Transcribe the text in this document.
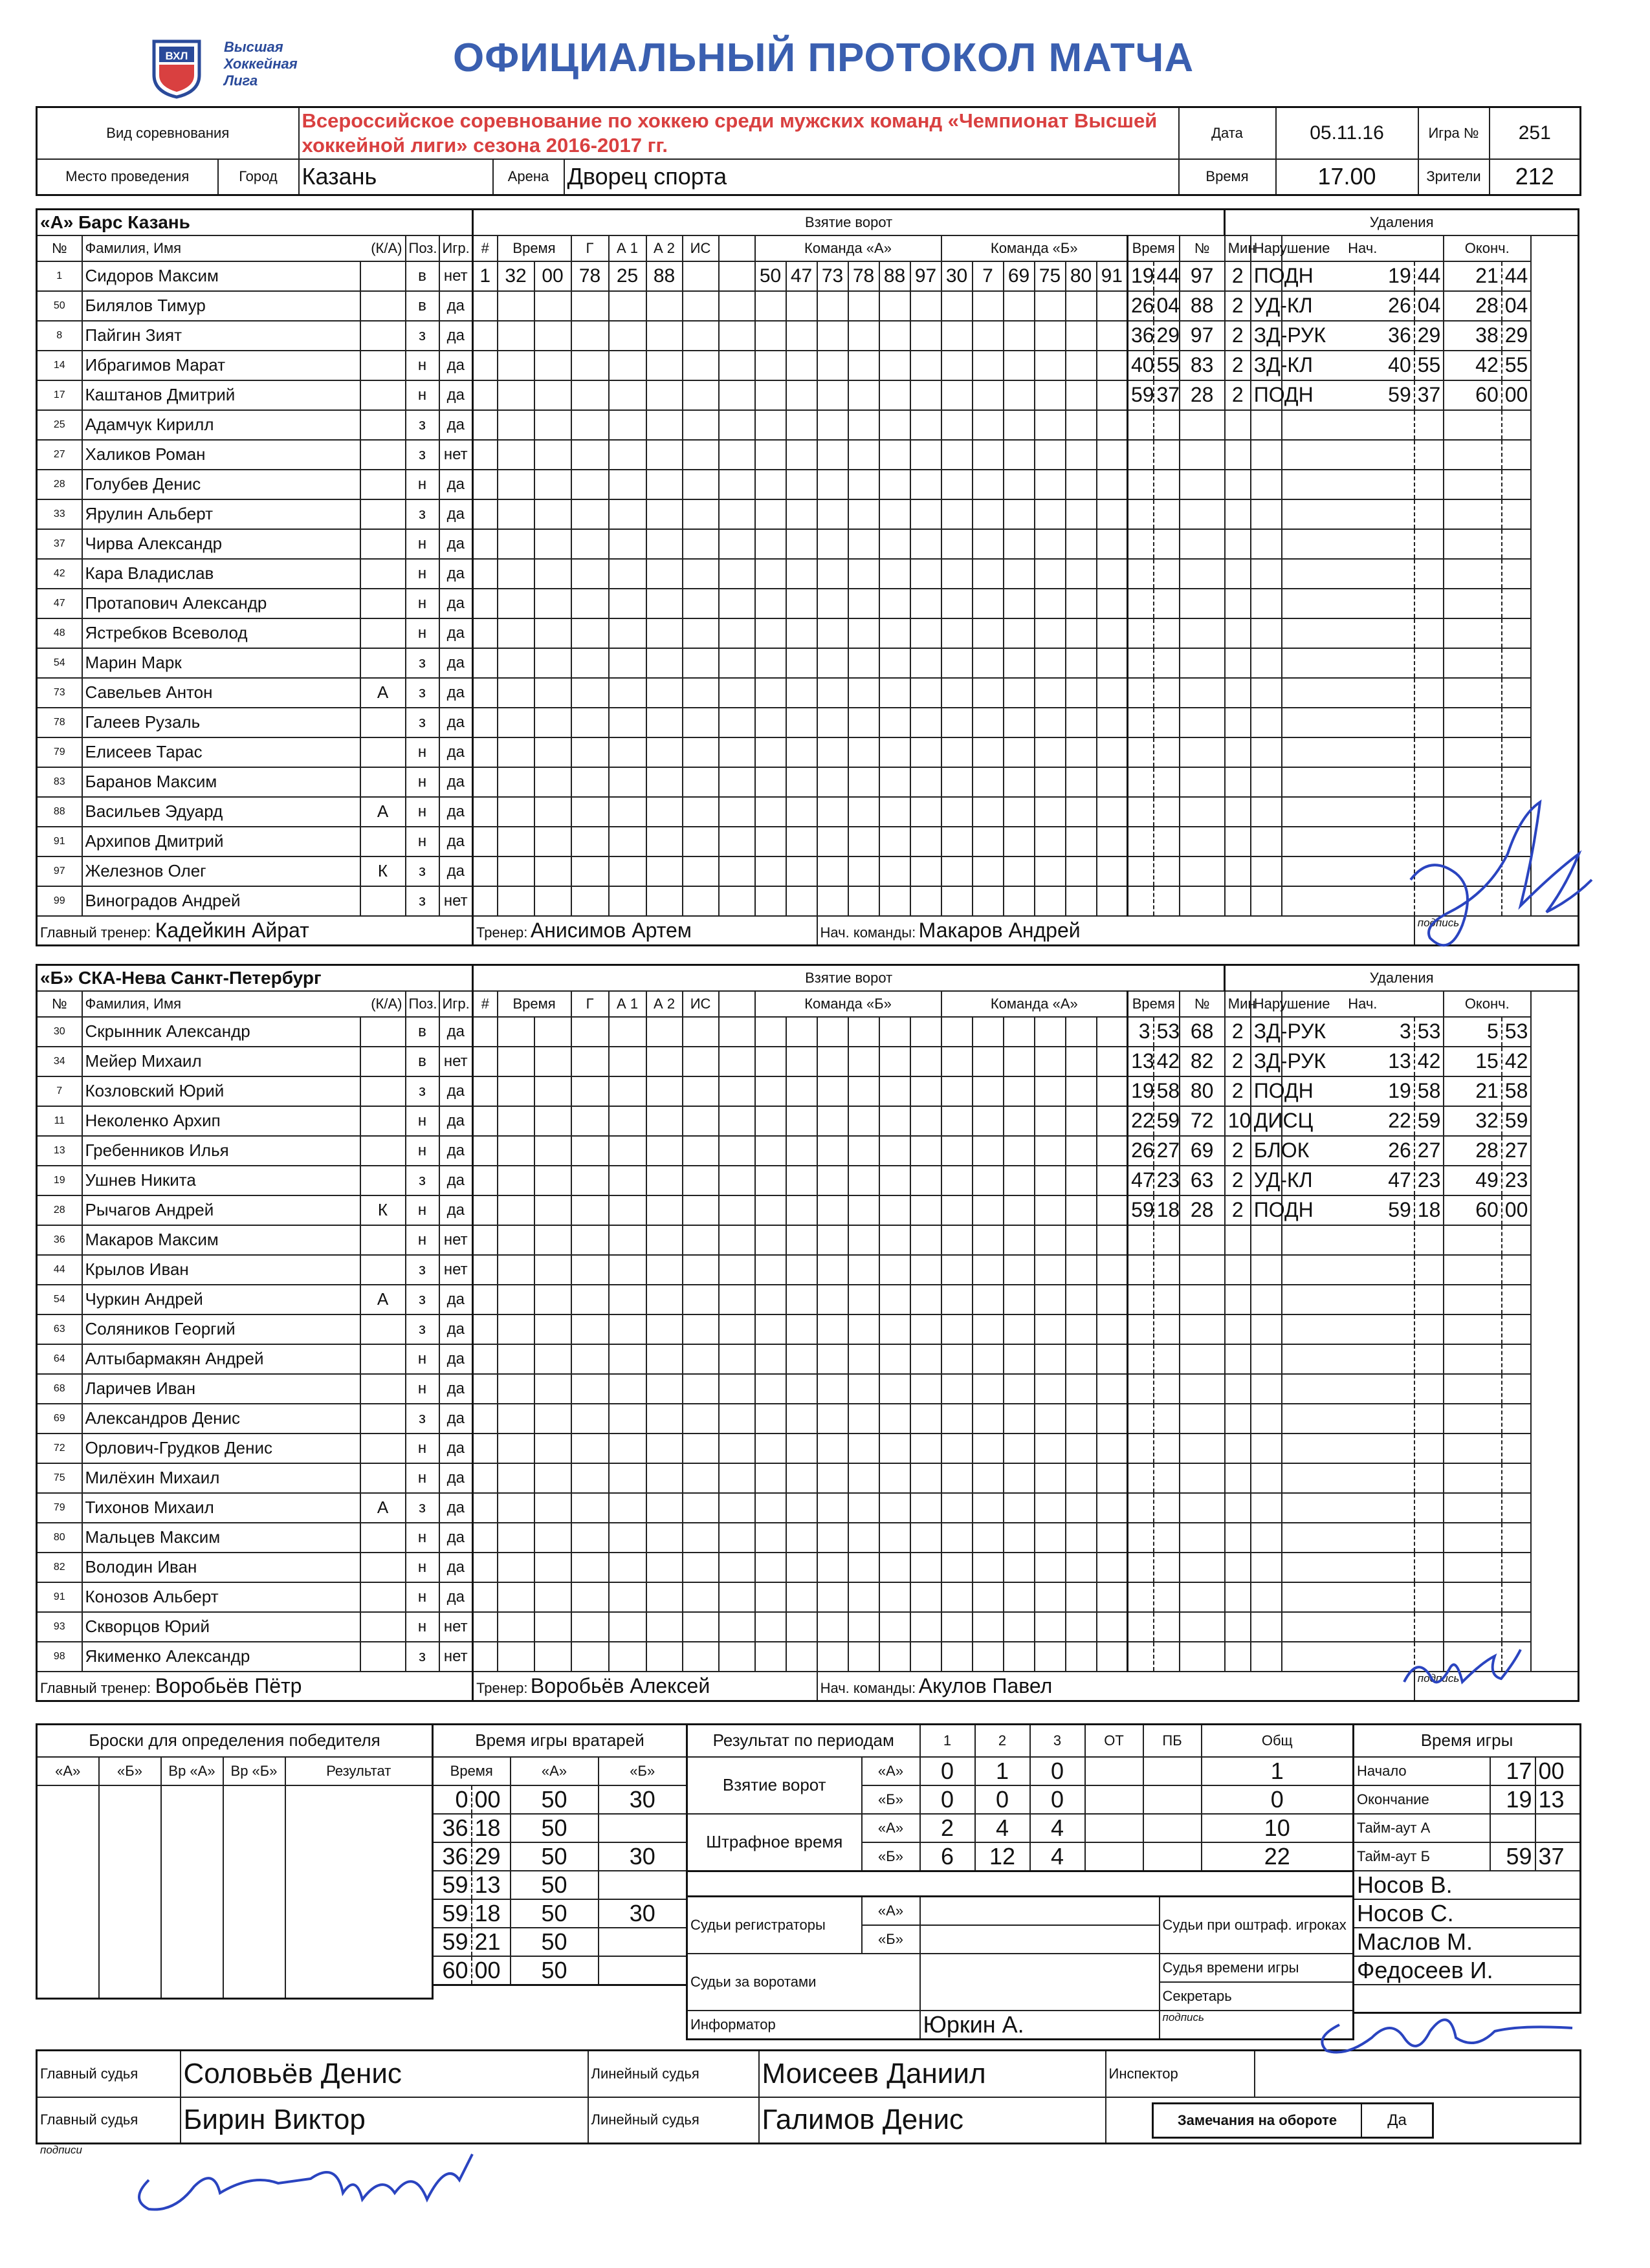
ВХЛ
Высшая
Хоккейная
Лига
ОФИЦИАЛЬНЫЙ ПРОТОКОЛ МАТЧА
Вид соревнования		Всероссийское соревнование по хоккею среди мужских команд «Чемпионат Высшей хоккейной лиги» сезона 2016-2017 гг.			Дата	05.11.16	Игра №	251
Место проведения	Город	Казань	Арена	Дворец спорта	Время	17.00	Зрители	212
«А» Барс Казань					Взятие ворот																							Удаления					
№	Фамилия, Имя (К/А)		Поз.	Игр.	#	Время		Г	А 1	А 2	ИС		Команда «А»						Команда «Б»						Время		№	Мин	Нарушение	Нач.		Оконч.	
1	Сидоров Максим		в	нет	1	32	00	78	25	88			50	47	73	78	88	97	30	7	69	75	80	91	19	44	97	2	ПОДН	19	44	21	44
50	Билялов Тимур		в	да																					26	04	88	2	УД-КЛ	26	04	28	04
8	Пайгин Зият		з	да																					36	29	97	2	ЗД-РУК	36	29	38	29
14	Ибрагимов Марат		н	да																					40	55	83	2	ЗД-КЛ	40	55	42	55
17	Каштанов Дмитрий		н	да																					59	37	28	2	ПОДН	59	37	60	00
25	Адамчук Кирилл		з	да																													
27	Халиков Роман		з	нет																													
28	Голубев Денис		н	да																													
33	Ярулин Альберт		з	да																													
37	Чирва Александр		н	да																													
42	Кара Владислав		н	да																													
47	Протапович Александр		н	да																													
48	Ястребков Всеволод		н	да																													
54	Марин Марк		з	да																													
73	Савельев Антон	А	з	да																													
78	Галеев Рузаль		з	да																													
79	Елисеев Тарас		н	да																													
83	Баранов Максим		н	да																													
88	Васильев Эдуард	А	н	да																													
91	Архипов Дмитрий		н	да																													
97	Железнов Олег	К	з	да																													
99	Виноградов Андрей		з	нет																													
Главный тренер: Кадейкин Айрат					Тренер: Анисимов Артем										Нач. команды: Макаров Андрей																подпись		
«Б» СКА-Нева Санкт-Петербург					Взятие ворот																							Удаления					
№	Фамилия, Имя (К/А)		Поз.	Игр.	#	Время		Г	А 1	А 2	ИС		Команда «Б»						Команда «А»						Время		№	Мин	Нарушение	Нач.		Оконч.	
30	Скрынник Александр		в	да																					3	53	68	2	ЗД-РУК	3	53	5	53
34	Мейер Михаил		в	нет																					13	42	82	2	ЗД-РУК	13	42	15	42
7	Козловский Юрий		з	да																					19	58	80	2	ПОДН	19	58	21	58
11	Неколенко Архип		н	да																					22	59	72	10	ДИСЦ	22	59	32	59
13	Гребенников Илья		н	да																					26	27	69	2	БЛОК	26	27	28	27
19	Ушнев Никита		з	да																					47	23	63	2	УД-КЛ	47	23	49	23
28	Рычагов Андрей	К	н	да																					59	18	28	2	ПОДН	59	18	60	00
36	Макаров Максим		н	нет																													
44	Крылов Иван		з	нет																													
54	Чуркин Андрей	А	з	да																													
63	Соляников Георгий		з	да																													
64	Алтыбармакян Андрей		н	да																													
68	Ларичев Иван		н	да																													
69	Александров Денис		з	да																													
72	Орлович-Грудков Денис		н	да																													
75	Милёхин Михаил		н	да																													
79	Тихонов Михаил	А	з	да																													
80	Мальцев Максим		н	да																													
82	Володин Иван		н	да																													
91	Конозов Альберт		н	да																													
93	Скворцов Юрий		н	нет																													
98	Якименко Александр		з	нет																													
Главный тренер: Воробьёв Пётр					Тренер: Воробьёв Алексей										Нач. команды: Акулов Павел																подпись		
Броски для определения победителя				
«А»	«Б»	Вр «А»	Вр «Б»	Результат

Время игры вратарей			
Время		«А»	«Б»
0	00	50	30
36	18	50	
36	29	50	30
59	13	50	
59	18	50	30
59	21	50	
60	00	50	
Результат по периодам		1	2	3	ОТ	ПБ	Общ
Взятие ворот	«А»	0	1	0			1
	«Б»	0	0	0			0
Штрафное время	«А»	2	4	4			10
	«Б»	6	12	4			22
Судьи регистраторы	«А»		Судьи при оштраф. игроках
	«Б»		
Судьи за воротами			Судья времени игры
			Секретарь
Информатор		Юркин А.	подпись
Время игры		
Начало	17	00
Окончание	19	13
Тайм-аут А		
Тайм-аут Б	59	37
Носов В.		
Носов С.		
Маслов М.		
Федосеев И.		

Главный судья	Соловьёв Денис	Линейный судья	Моисеев Даниил	Инспектор	
Главный судья	Бирин Виктор	Линейный судья	Галимов Денис			Замечания на обороте	Да
подписи
